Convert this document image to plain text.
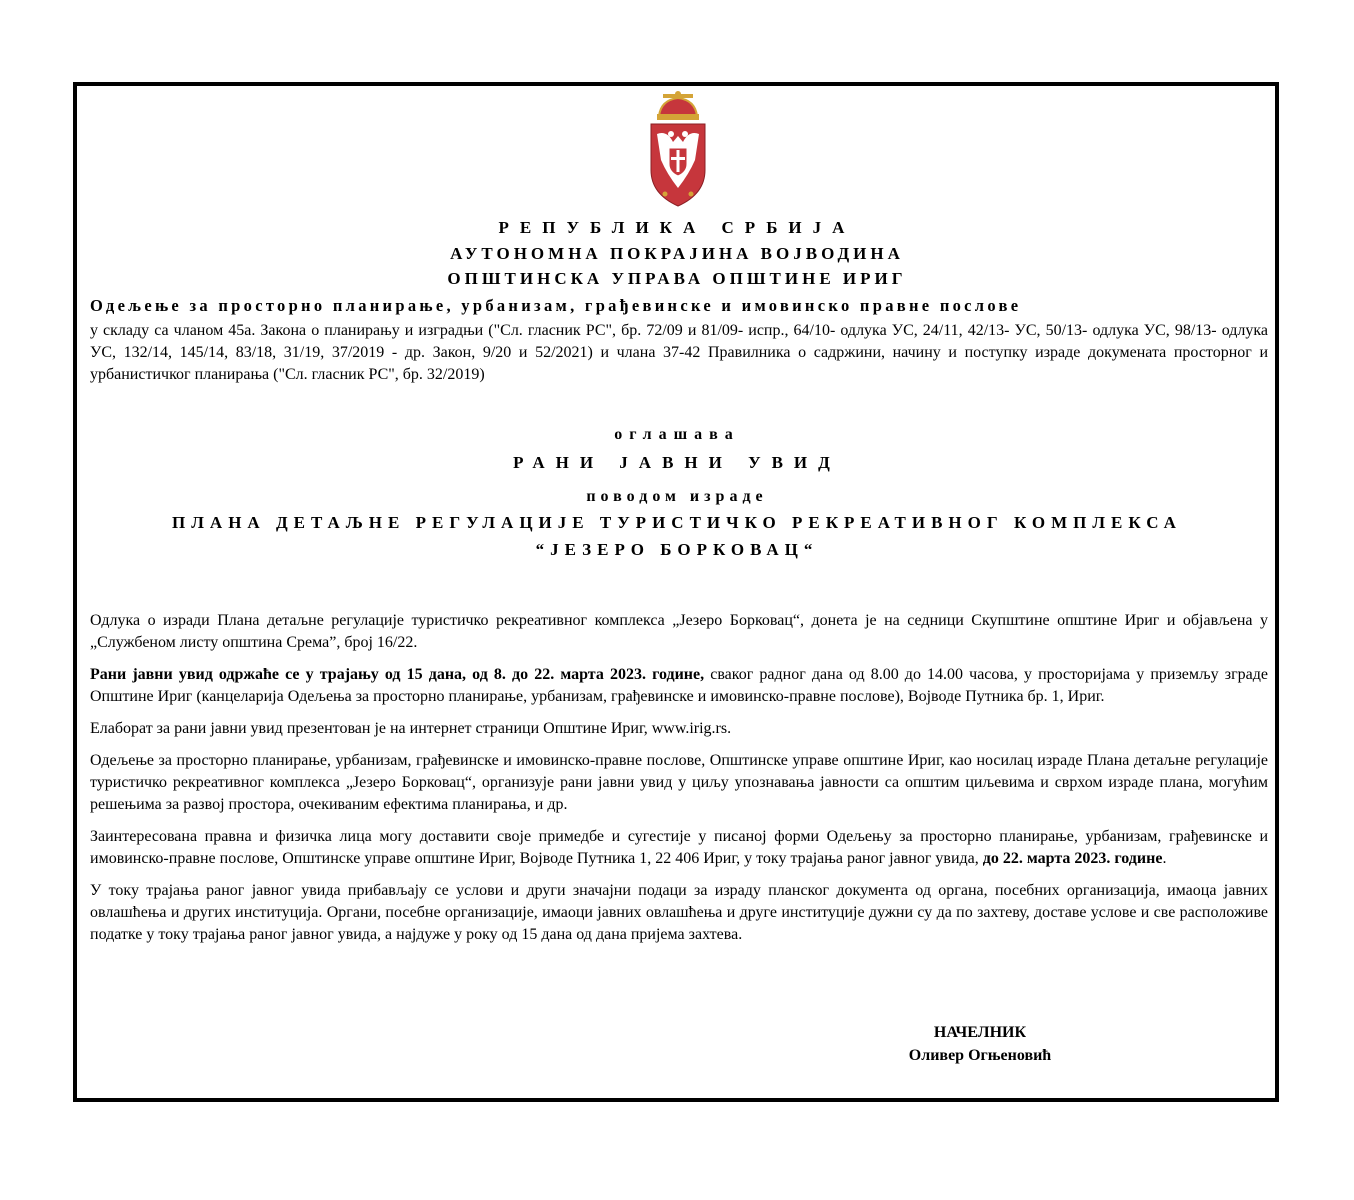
РЕПУБЛИКА СРБИЈА
АУТОНОМНА ПОКРАЈИНА ВОЈВОДИНА
ОПШТИНСКА УПРАВА ОПШТИНЕ ИРИГ
Одељење за просторно планирање, урбанизам, грађевинске и имовинско правне послове
у складу са чланом 45а. Закона о планирању и изградњи ("Сл. гласник РС", бр. 72/09 и 81/09- испр., 64/10- одлука УС, 24/11, 42/13- УС, 50/13- одлука УС, 98/13- одлука УС, 132/14, 145/14, 83/18, 31/19, 37/2019 - др. Закон, 9/20 и 52/2021) и члана 37-42 Правилника о садржини, начину и поступку израде докумената просторног и урбанистичког планирања ("Сл. гласник РС", бр. 32/2019)
оглашава
РАНИ ЈАВНИ УВИД
поводом израде
ПЛАНА ДЕТАЉНЕ РЕГУЛАЦИЈЕ ТУРИСТИЧКО РЕКРЕАТИВНОГ КОМПЛЕКСА
“ЈЕЗЕРО БОРКОВАЦ“

Одлука о изради Плана детаљне регулације туристичко рекреативног комплекса „Језеро Борковац“, донета је на седници Скупштине општине Ириг и објављена у „Службеном листу општина Срема”, број 16/22.

Рани јавни увид одржаће се у трајању од 15 дана, од 8. до 22. марта 2023. године, сваког радног дана од 8.00 до 14.00 часова, у просторијама у приземљу зграде Општине Ириг (канцеларија Одељења за просторно планирање, урбанизам, грађевинске и имовинско-правне послове), Војводе Путника бр. 1, Ириг.

Елаборат за рани јавни увид презентован је на интернет страници Општине Ириг, www.irig.rs.

Одељење за просторно планирање, урбанизам, грађевинске и имовинско-правне послове, Општинске управе општине Ириг, као носилац израде Плана детаљне регулације туристичко рекреативног комплекса „Језеро Борковац“, организује рани јавни увид у циљу упознавања јавности са општим циљевима и сврхом израде плана, могућим решењима за развој простора, очекиваним ефектима планирања, и др.

Заинтересована правна и физичка лица могу доставити своје примедбе и сугестије у писаној форми Одељењу за просторно планирање, урбанизам, грађевинске и имовинско-правне послове, Општинске управе општине Ириг, Војводе Путника 1, 22 406 Ириг, у току трајања раног јавног увида, до 22. марта 2023. године.

У току трајања раног јавног увида прибављају се услови и други значајни подаци за израду планског документа од органа, посебних организација, имаоца јавних овлашћења и других институција. Органи, посебне организације, имаоци јавних овлашћења и друге институције дужни су да по захтеву, доставе услове и све расположиве податке у току трајања раног јавног увида, а најдуже у року од 15 дана од дана пријема захтева.

НАЧЕЛНИК
Оливер Огњеновић
